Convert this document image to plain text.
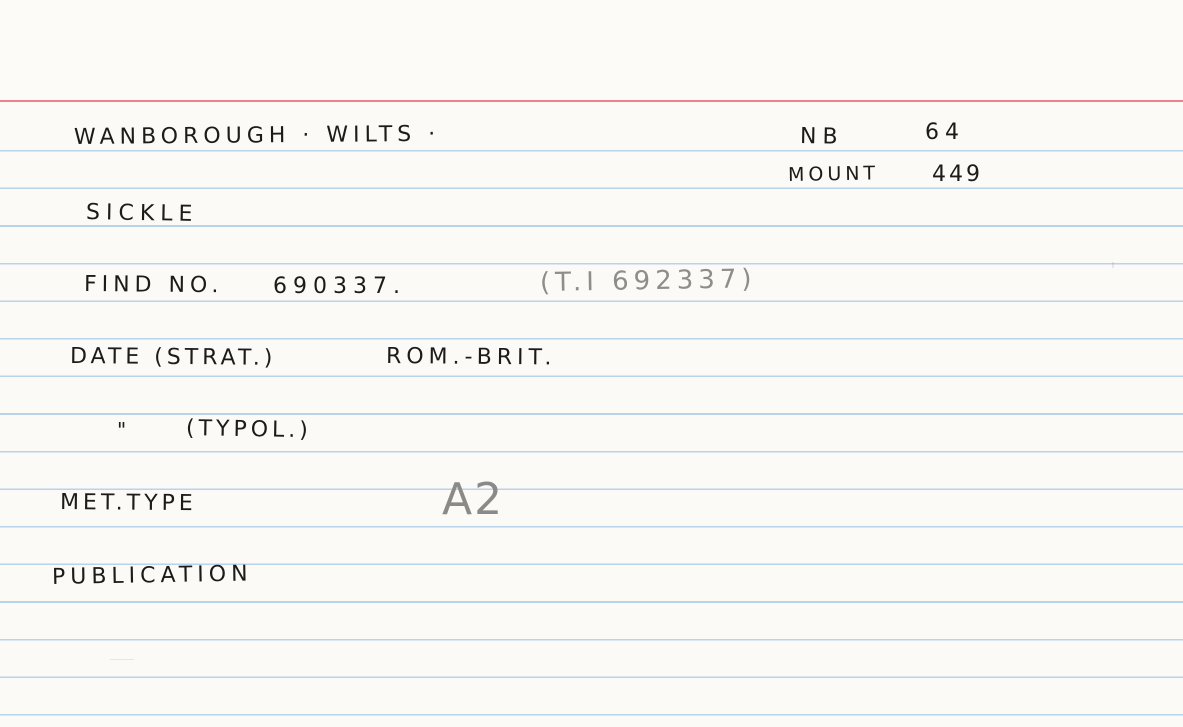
WANBOROUGH · WILTS ·	NB	64
MOUNT 449
SICKLE
FIND NO. 690337.	(T.I 692337)
DATE (STRAT.)	ROM.-BRIT.
"	(TYPOL.)
MET.TYPE	A2
PUBLICATION
